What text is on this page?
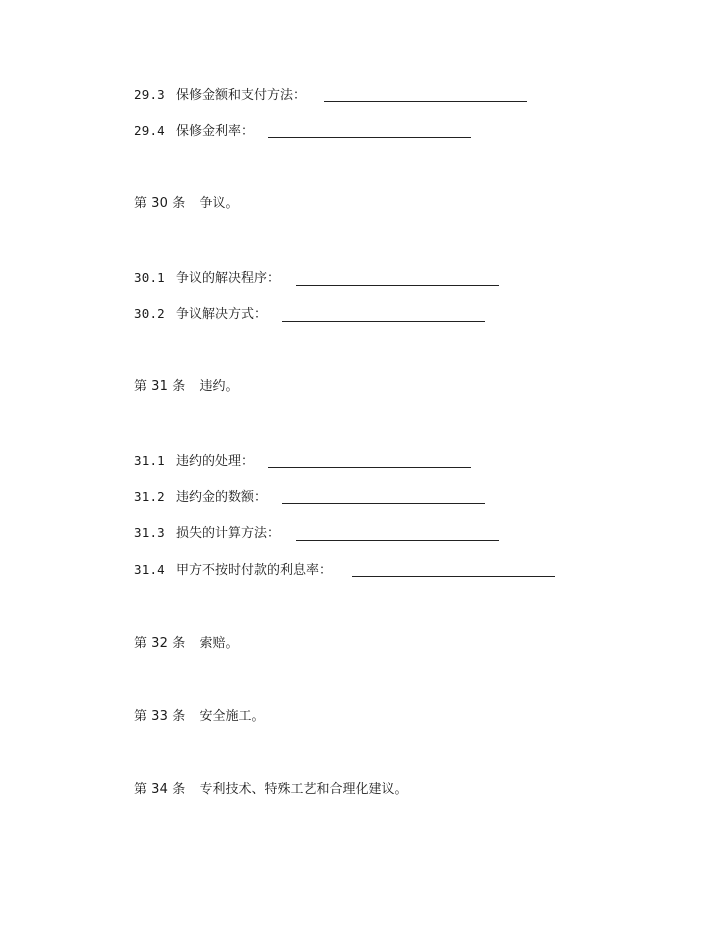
29.3 保修金额和支付方法：
29.4 保修金利率：
第 30 条 争议。
30.1 争议的解决程序：
30.2 争议解决方式：
第 31 条 违约。
31.1 违约的处理：
31.2 违约金的数额：
31.3 损失的计算方法：
31.4 甲方不按时付款的利息率：
第 32 条 索赔。
第 33 条 安全施工。
第 34 条 专利技术、特殊工艺和合理化建议。
